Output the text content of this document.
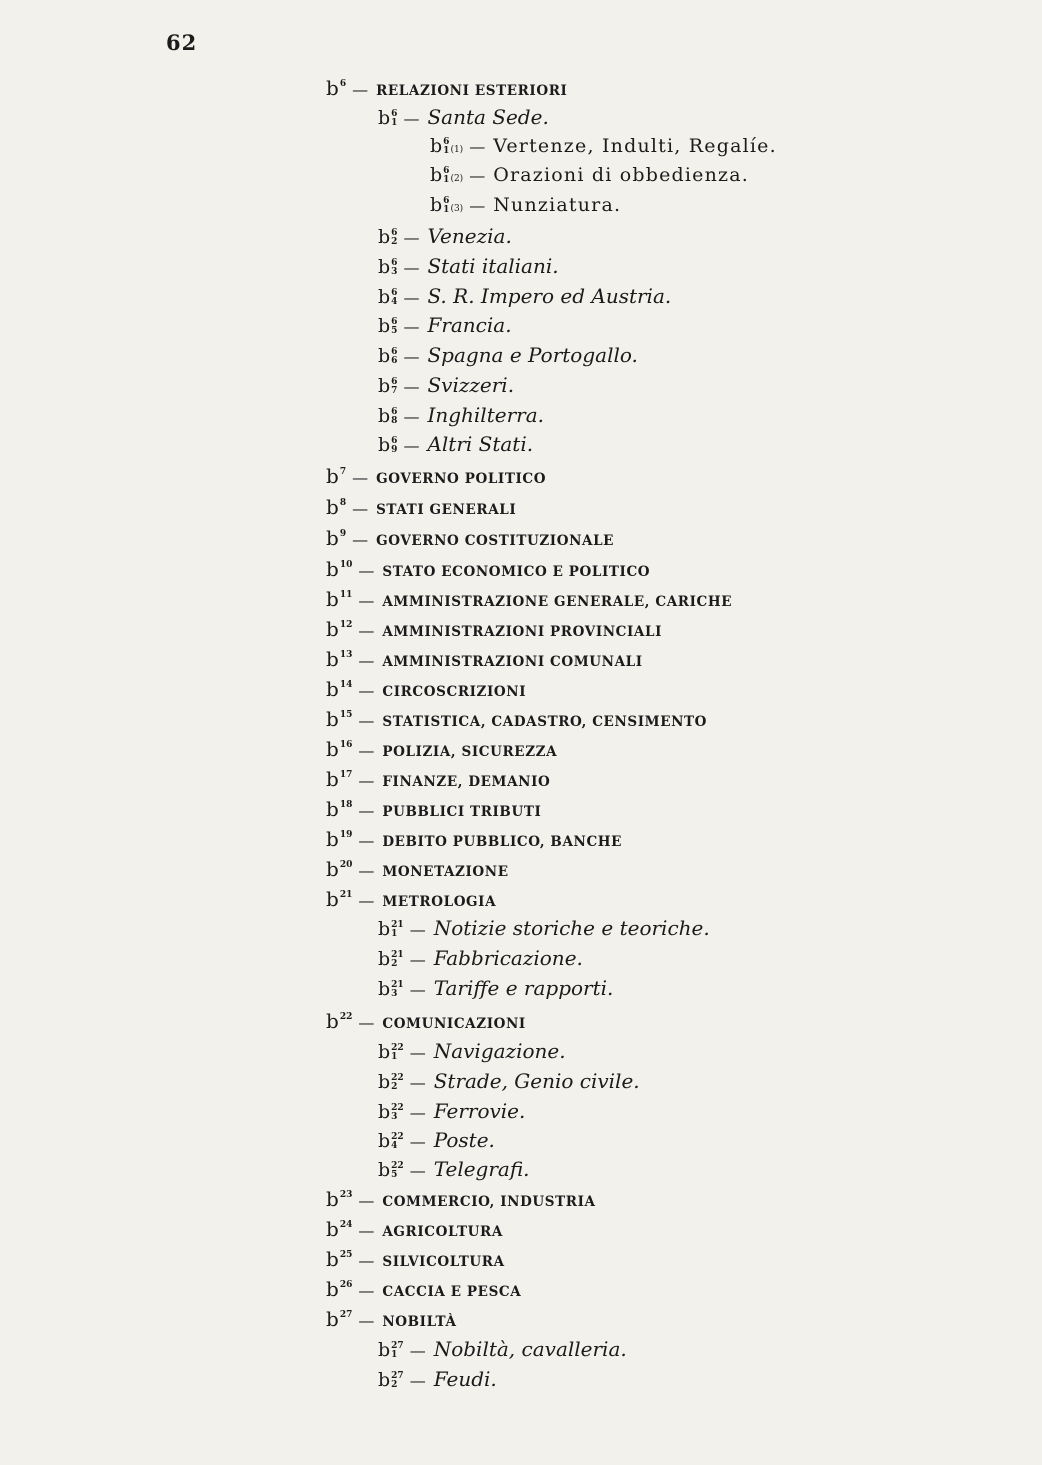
62
b 6 — RELAZIONI ESTERIORI
b 6
1 — Santa Sede.
b 6
1 (1) — Vertenze, Indulti, Regalíe.
b 6
1 (2) — Orazioni di obbedienza.
b 6
1 (3) — Nunziatura.
b 6
2 — Venezia.
b 6
3 — Stati italiani.
b 6
4 — S. R. Impero ed Austria.
b 6
5 — Francia.
b 6
6 — Spagna e Portogallo.
b 6
7 — Svizzeri.
b 6
8 — Inghilterra.
b 6
9 — Altri Stati.
b 7 — GOVERNO POLITICO
b 8 — STATI GENERALI
b 9 — GOVERNO COSTITUZIONALE
b 10 — STATO ECONOMICO E POLITICO
b 11 — AMMINISTRAZIONE GENERALE, CARICHE
b 12 — AMMINISTRAZIONI PROVINCIALI
b 13 — AMMINISTRAZIONI COMUNALI
b 14 — CIRCOSCRIZIONI
b 15 — STATISTICA, CADASTRO, CENSIMENTO
b 16 — POLIZIA, SICUREZZA
b 17 — FINANZE, DEMANIO
b 18 — PUBBLICI TRIBUTI
b 19 — DEBITO PUBBLICO, BANCHE
b 20 — MONETAZIONE
b 21 — METROLOGIA
b 21
1 —	Notizie storiche e teoriche.
b 21
2 —	Fabbricazione.
b 21
3 —	Tariffe e rapporti.
b 22 — COMUNICAZIONI
b 22
1 —	Navigazione.
b 22
2 —	Strade, Genio civile.
b 22
3 —	Ferrovie.
b 22
4 —	Poste.
b 22
5 —	Telegrafi.
b 23 — COMMERCIO, INDUSTRIA
b 24 — AGRICOLTURA
b 25 — SILVICOLTURA
b 26 — CACCIA E PESCA
b 27 — NOBILTÀ
b 27
1 —	Nobiltà, cavalleria.
b 27
2 —	Feudi.
